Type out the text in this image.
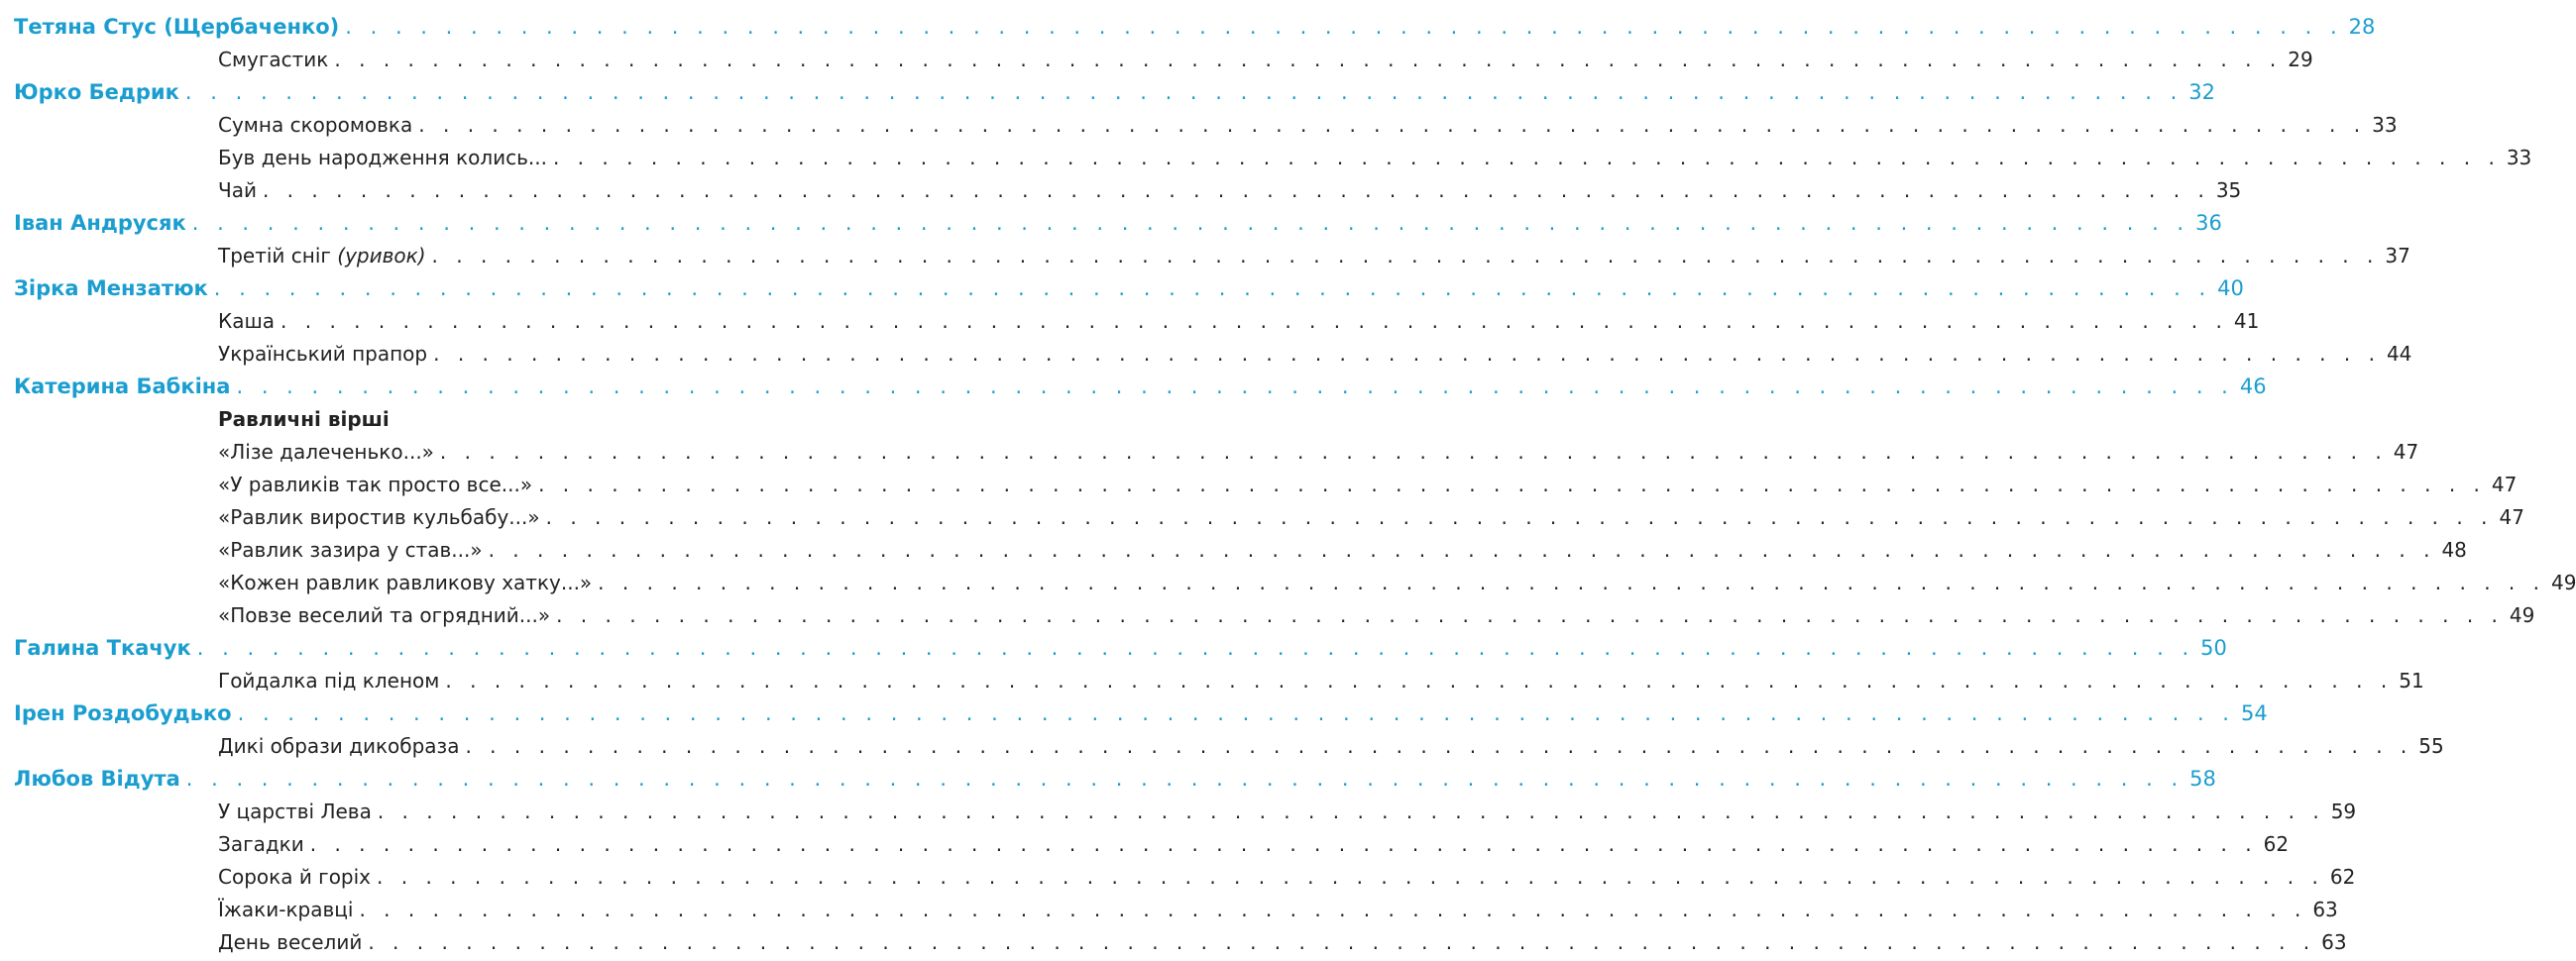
Тетяна Стус (Щербаченко) . . . . . . . . . . . . . . . . . . . . . . . . . . . . . . . . . . . . . . . . . . . . . . . . . . . . . . . . . . . . . . . . . . . . . . . . . . . . . . . . 28
Смугастик . . . . . . . . . . . . . . . . . . . . . . . . . . . . . . . . . . . . . . . . . . . . . . . . . . . . . . . . . . . . . . . . . . . . . . . . . . . . . . . . 29
Юрко Бедрик . . . . . . . . . . . . . . . . . . . . . . . . . . . . . . . . . . . . . . . . . . . . . . . . . . . . . . . . . . . . . . . . . . . . . . . . . . . . . . . . 32
Сумна скоромовка . . . . . . . . . . . . . . . . . . . . . . . . . . . . . . . . . . . . . . . . . . . . . . . . . . . . . . . . . . . . . . . . . . . . . . . . . . . . . . . . 33
Був день народження колись... . . . . . . . . . . . . . . . . . . . . . . . . . . . . . . . . . . . . . . . . . . . . . . . . . . . . . . . . . . . . . . . . . . . . . . . . . . . . . . . . 33
Чай . . . . . . . . . . . . . . . . . . . . . . . . . . . . . . . . . . . . . . . . . . . . . . . . . . . . . . . . . . . . . . . . . . . . . . . . . . . . . . . . 35
Іван Андрусяк . . . . . . . . . . . . . . . . . . . . . . . . . . . . . . . . . . . . . . . . . . . . . . . . . . . . . . . . . . . . . . . . . . . . . . . . . . . . . . . . 36
Третій сніг
(уривок) . . . . . . . . . . . . . . . . . . . . . . . . . . . . . . . . . . . . . . . . . . . . . . . . . . . . . . . . . . . . . . . . . . . . . . . . . . . . . . . . 37
Зірка Мензатюк . . . . . . . . . . . . . . . . . . . . . . . . . . . . . . . . . . . . . . . . . . . . . . . . . . . . . . . . . . . . . . . . . . . . . . . . . . . . . . . . 40
Каша . . . . . . . . . . . . . . . . . . . . . . . . . . . . . . . . . . . . . . . . . . . . . . . . . . . . . . . . . . . . . . . . . . . . . . . . . . . . . . . . 41
Український прапор . . . . . . . . . . . . . . . . . . . . . . . . . . . . . . . . . . . . . . . . . . . . . . . . . . . . . . . . . . . . . . . . . . . . . . . . . . . . . . . . 44
Катерина Бабкіна . . . . . . . . . . . . . . . . . . . . . . . . . . . . . . . . . . . . . . . . . . . . . . . . . . . . . . . . . . . . . . . . . . . . . . . . . . . . . . . . 46
Равличні вірші
«Лізе далеченько...» . . . . . . . . . . . . . . . . . . . . . . . . . . . . . . . . . . . . . . . . . . . . . . . . . . . . . . . . . . . . . . . . . . . . . . . . . . . . . . . . 47
«У равликів так просто все...» . . . . . . . . . . . . . . . . . . . . . . . . . . . . . . . . . . . . . . . . . . . . . . . . . . . . . . . . . . . . . . . . . . . . . . . . . . . . . . . . 47
«Равлик виростив кульбабу...» . . . . . . . . . . . . . . . . . . . . . . . . . . . . . . . . . . . . . . . . . . . . . . . . . . . . . . . . . . . . . . . . . . . . . . . . . . . . . . . . 47
«Равлик зазира у став...» . . . . . . . . . . . . . . . . . . . . . . . . . . . . . . . . . . . . . . . . . . . . . . . . . . . . . . . . . . . . . . . . . . . . . . . . . . . . . . . . 48
«Кожен равлик равликову хатку...» . . . . . . . . . . . . . . . . . . . . . . . . . . . . . . . . . . . . . . . . . . . . . . . . . . . . . . . . . . . . . . . . . . . . . . . . . . . . . . . . 49
«Повзе веселий та огрядний...» . . . . . . . . . . . . . . . . . . . . . . . . . . . . . . . . . . . . . . . . . . . . . . . . . . . . . . . . . . . . . . . . . . . . . . . . . . . . . . . . 49
Галина Ткачук . . . . . . . . . . . . . . . . . . . . . . . . . . . . . . . . . . . . . . . . . . . . . . . . . . . . . . . . . . . . . . . . . . . . . . . . . . . . . . . . 50
Гойдалка під кленом . . . . . . . . . . . . . . . . . . . . . . . . . . . . . . . . . . . . . . . . . . . . . . . . . . . . . . . . . . . . . . . . . . . . . . . . . . . . . . . . 51
Ірен Роздобудько . . . . . . . . . . . . . . . . . . . . . . . . . . . . . . . . . . . . . . . . . . . . . . . . . . . . . . . . . . . . . . . . . . . . . . . . . . . . . . . . 54
Дикі образи дикобраза . . . . . . . . . . . . . . . . . . . . . . . . . . . . . . . . . . . . . . . . . . . . . . . . . . . . . . . . . . . . . . . . . . . . . . . . . . . . . . . . 55
Любов Відута . . . . . . . . . . . . . . . . . . . . . . . . . . . . . . . . . . . . . . . . . . . . . . . . . . . . . . . . . . . . . . . . . . . . . . . . . . . . . . . . 58
У царстві Лева . . . . . . . . . . . . . . . . . . . . . . . . . . . . . . . . . . . . . . . . . . . . . . . . . . . . . . . . . . . . . . . . . . . . . . . . . . . . . . . . 59
Загадки . . . . . . . . . . . . . . . . . . . . . . . . . . . . . . . . . . . . . . . . . . . . . . . . . . . . . . . . . . . . . . . . . . . . . . . . . . . . . . . . 62
Сорока й горіх . . . . . . . . . . . . . . . . . . . . . . . . . . . . . . . . . . . . . . . . . . . . . . . . . . . . . . . . . . . . . . . . . . . . . . . . . . . . . . . . 62
Їжаки-кравці . . . . . . . . . . . . . . . . . . . . . . . . . . . . . . . . . . . . . . . . . . . . . . . . . . . . . . . . . . . . . . . . . . . . . . . . . . . . . . . . 63
День веселий . . . . . . . . . . . . . . . . . . . . . . . . . . . . . . . . . . . . . . . . . . . . . . . . . . . . . . . . . . . . . . . . . . . . . . . . . . . . . . . . 63
